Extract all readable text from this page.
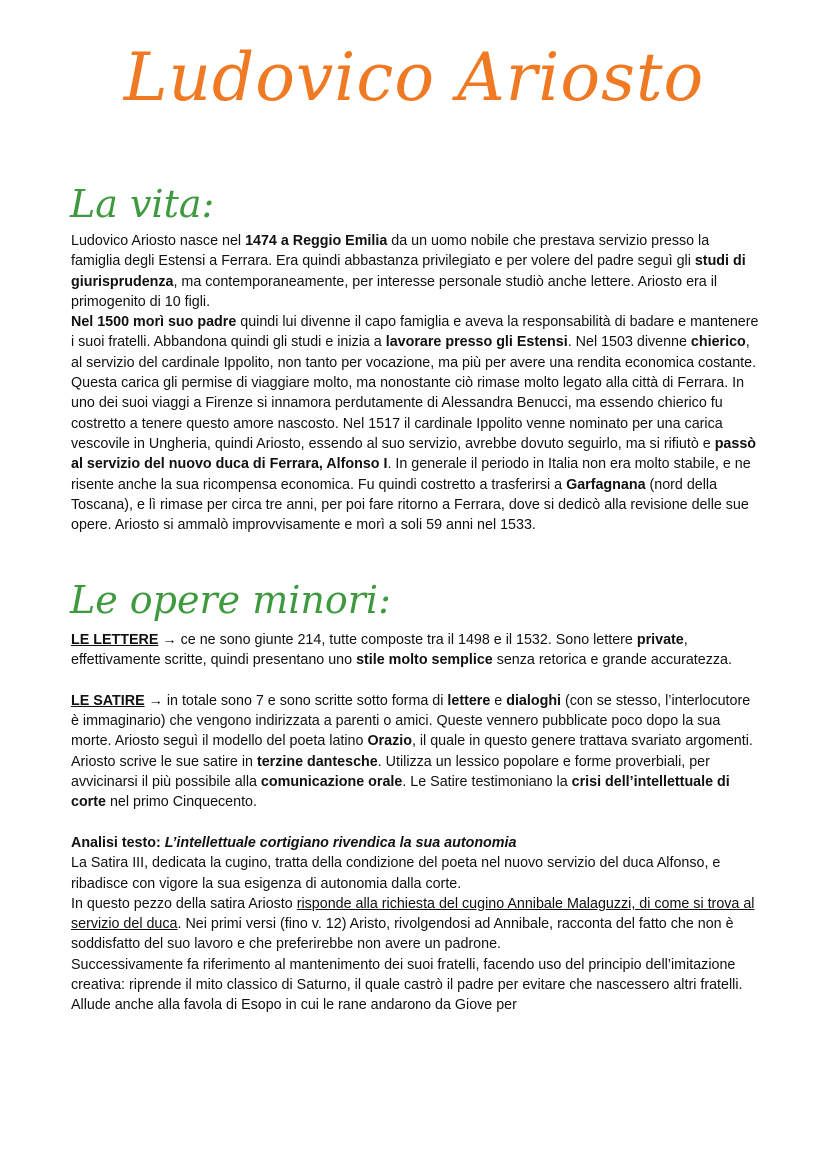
Ludovico Ariosto
La vita:

Ludovico Ariosto nasce nel 1474 a Reggio Emilia da un uomo nobile che prestava servizio presso la famiglia degli Estensi a Ferrara. Era quindi abbastanza privilegiato e per volere del padre seguì gli studi di giurisprudenza, ma contemporaneamente, per interesse personale studiò anche lettere. Ariosto era il primogenito di 10 figli.

Nel 1500 morì suo padre quindi lui divenne il capo famiglia e aveva la responsabilità di badare e mantenere i suoi fratelli. Abbandona quindi gli studi e inizia a lavorare presso gli Estensi. Nel 1503 divenne chierico, al servizio del cardinale Ippolito, non tanto per vocazione, ma più per avere una rendita economica costante. Questa carica gli permise di viaggiare molto, ma nonostante ciò rimase molto legato alla città di Ferrara. In uno dei suoi viaggi a Firenze si innamora perdutamente di Alessandra Benucci, ma essendo chierico fu costretto a tenere questo amore nascosto. Nel 1517 il cardinale Ippolito venne nominato per una carica vescovile in Ungheria, quindi Ariosto, essendo al suo servizio, avrebbe dovuto seguirlo, ma si rifiutò e passò al servizio del nuovo duca di Ferrara, Alfonso I. In generale il periodo in Italia non era molto stabile, e ne risente anche la sua ricompensa economica. Fu quindi costretto a trasferirsi a Garfagnana (nord della Toscana), e lì rimase per circa tre anni, per poi fare ritorno a Ferrara, dove si dedicò alla revisione delle sue opere. Ariosto si ammalò improvvisamente e morì a soli 59 anni nel 1533.

Le opere minori:

LE LETTERE → ce ne sono giunte 214, tutte composte tra il 1498 e il 1532. Sono lettere private, effettivamente scritte, quindi presentano uno stile molto semplice senza retorica e grande accuratezza.

LE SATIRE → in totale sono 7 e sono scritte sotto forma di lettere e dialoghi (con se stesso, l’interlocutore è immaginario) che vengono indirizzata a parenti o amici. Queste vennero pubblicate poco dopo la sua morte. Ariosto seguì il modello del poeta latino Orazio, il quale in questo genere trattava svariato argomenti. Ariosto scrive le sue satire in terzine dantesche. Utilizza un lessico popolare e forme proverbiali, per avvicinarsi il più possibile alla comunicazione orale. Le Satire testimoniano la crisi dell’intellettuale di corte nel primo Cinquecento.

Analisi testo: L’intellettuale cortigiano rivendica la sua autonomia

La Satira III, dedicata la cugino, tratta della condizione del poeta nel nuovo servizio del duca Alfonso, e ribadisce con vigore la sua esigenza di autonomia dalla corte.

In questo pezzo della satira Ariosto risponde alla richiesta del cugino Annibale Malaguzzi, di come si trova al servizio del duca. Nei primi versi (fino v. 12) Aristo, rivolgendosi ad Annibale, racconta del fatto che non è soddisfatto del suo lavoro e che preferirebbe non avere un padrone.

Successivamente fa riferimento al mantenimento dei suoi fratelli, facendo uso del principio dell’imitazione creativa: riprende il mito classico di Saturno, il quale castrò il padre per evitare che nascessero altri fratelli. Allude anche alla favola di Esopo in cui le rane andarono da Giove per
